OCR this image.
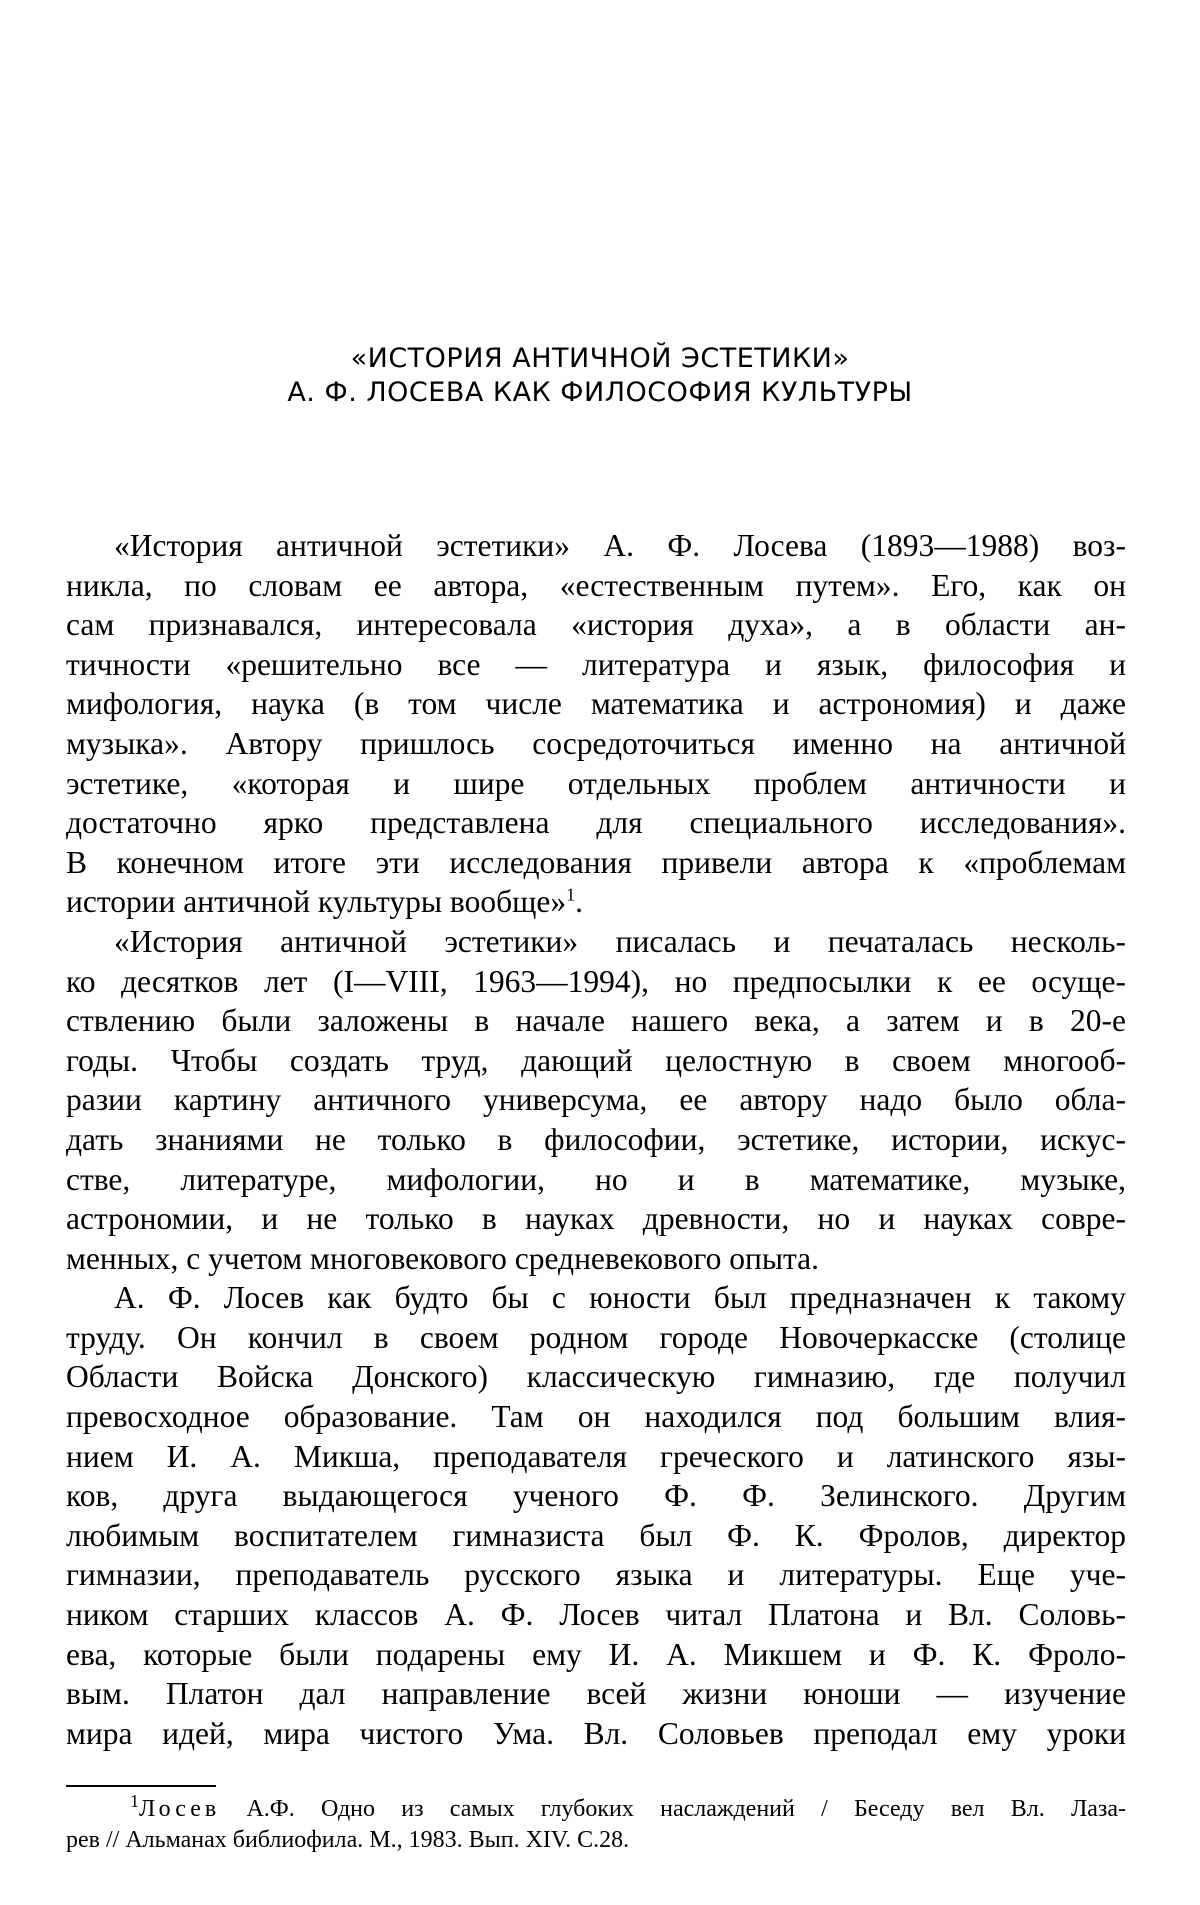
«ИСТОРИЯ АНТИЧНОЙ ЭСТЕТИКИ»
А. Ф. ЛОСЕВА КАК ФИЛОСОФИЯ КУЛЬТУРЫ
«История античной эстетики» А. Ф. Лосева (1893—1988) воз-
никла, по словам ее автора, «естественным путем». Его, как он
сам признавался, интересовала «история духа», а в области ан-
тичности «решительно все — литература и язык, философия и
мифология, наука (в том числе математика и астрономия) и даже
музыка». Автору пришлось сосредоточиться именно на античной
эстетике, «которая и шире отдельных проблем античности и
достаточно ярко представлена для специального исследования».
В конечном итоге эти исследования привели автора к «проблемам
истории античной культуры вообще»$^1$.
«История античной эстетики» писалась и печаталась несколь-
ко десятков лет (I—VIII, 1963—1994), но предпосылки к ее осуще-
ствлению были заложены в начале нашего века, а затем и в 20-е
годы. Чтобы создать труд, дающий целостную в своем многооб-
разии картину античного универсума, ее автору надо было обла-
дать знаниями не только в философии, эстетике, истории, искус-
стве, литературе, мифологии, но и в математике, музыке,
астрономии, и не только в науках древности, но и науках совре-
менных, с учетом многовекового средневекового опыта.
А. Ф. Лосев как будто бы с юности был предназначен к такому
труду. Он кончил в своем родном городе Новочеркасске (столице
Области Войска Донского) классическую гимназию, где получил
превосходное образование. Там он находился под большим влия-
нием И. А. Микша, преподавателя греческого и латинского язы-
ков, друга выдающегося ученого Ф. Ф. Зелинского. Другим
любимым воспитателем гимназиста был Ф. К. Фролов, директор
гимназии, преподаватель русского языка и литературы. Еще уче-
ником старших классов А. Ф. Лосев читал Платона и Вл. Соловь-
ева, которые были подарены ему И. А. Микшем и Ф. К. Фроло-
вым. Платон дал направление всей жизни юноши — изучение
мира идей, мира чистого Ума. Вл. Соловьев преподал ему уроки
$^1$Лосев А.Ф. Одно из самых глубоких наслаждений / Беседу вел Вл. Лаза-
рев // Альманах библиофила. М., 1983. Вып. XIV. С.28.
